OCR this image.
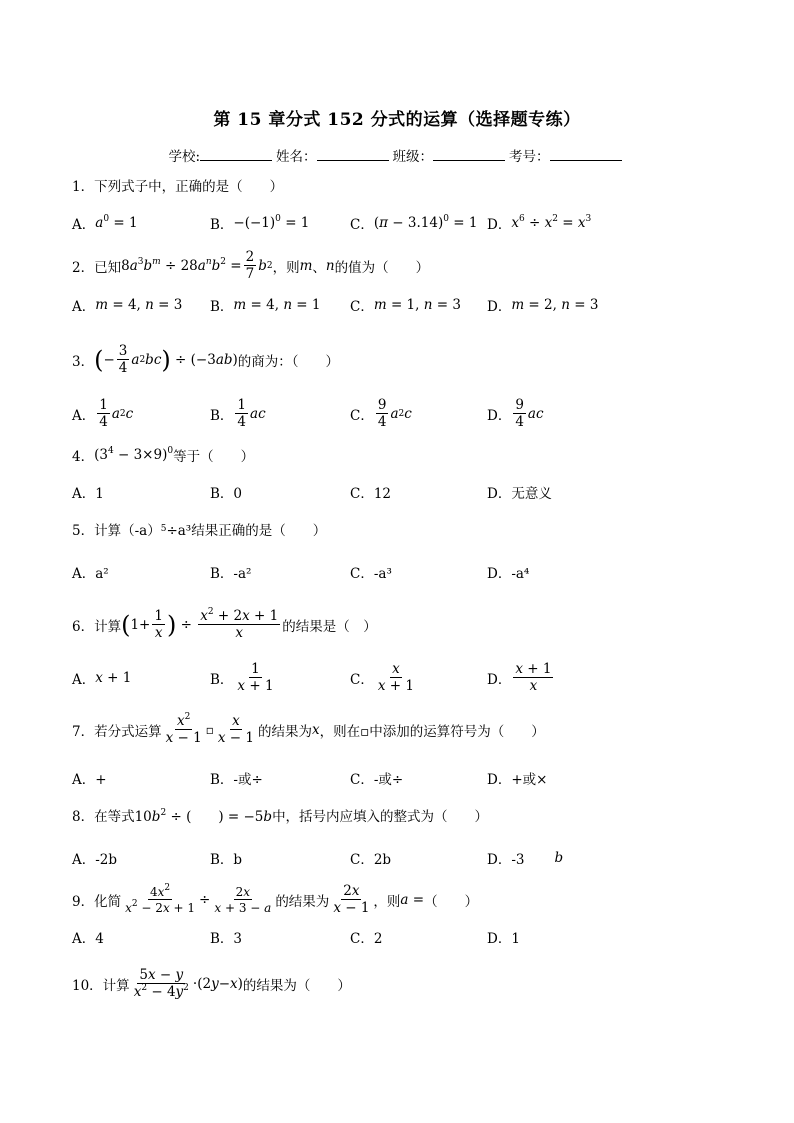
第 15 章分式 152 分式的运算（选择题专练）
学校:	姓名：	班级：	考号：
1．下列式子中，正确的是（　　）
A． $a^0 = 1$	B． $-(-1)^0 = 1$	C． $(\pi - 3.14)^0 = 1$ D． $x^6 \div x^2 = x^3$
2．已知 $8a^3b^m \div 28a^nb^2 = \frac{2}{7}$ b 2 ，则 m 、 n 的值为（　　）
A． m = 4, n = 3 B． m = 4, n = 1 C． m = 1, n = 3 D． m = 2, n = 3
3． ( − $\frac{3}{4}$ a 2 bc ) ÷ (−3 ab ) 的商为：（　　）
A． $\frac{1}{4}$ a 2 c	B． $\frac{1}{4}$ ac	C． $\frac{9}{4}$ a 2 c	D． $\frac{9}{4}$ ac
4． $(3^4 - 3\times 9)^0$ 等于（　　）
A．1	B．0	C．12	D．无意义
5．计算（-a） 5 ÷a³结果正确的是（　　）
A．a²	B．-a²	C．-a³	D．-a⁴
6．计算 ( $1+ \frac{1}{x}$ ) ÷ $\frac{x^2 + 2x + 1}{x}$ 的结果是（　）
A． x + 1	B． $\frac{1}{x + 1}$	C． $\frac{x}{x + 1}$	D． $\frac{x + 1}{x}$
7．若分式运算 $\frac{x^2}{x - 1}$ ▫ $\frac{x}{x - 1}$ 的结果为 x ，则在▫中添加的运算符号为（　　）
A．+	B．-或÷	C．-或÷	D．+或×
8．在等式 $10b^2$ ÷ (　　) = −5b 中，括号内应填入的整式为（　　）
A．-2b	B．b	C．2b	D．-3 b
9．化简 $\frac{4x^2}{x^2 - 2x + 1} \div \frac{2x}{x + 3 - a}$ 的结果为 $\frac{2x}{x - 1}$ ，则 a = （　　）
A．4	B．3	C．2	D．1
10．计算 $\frac{5x - y}{x^2 - 4y^2} \cdot(2$ y − x ) 的结果为（　　）
